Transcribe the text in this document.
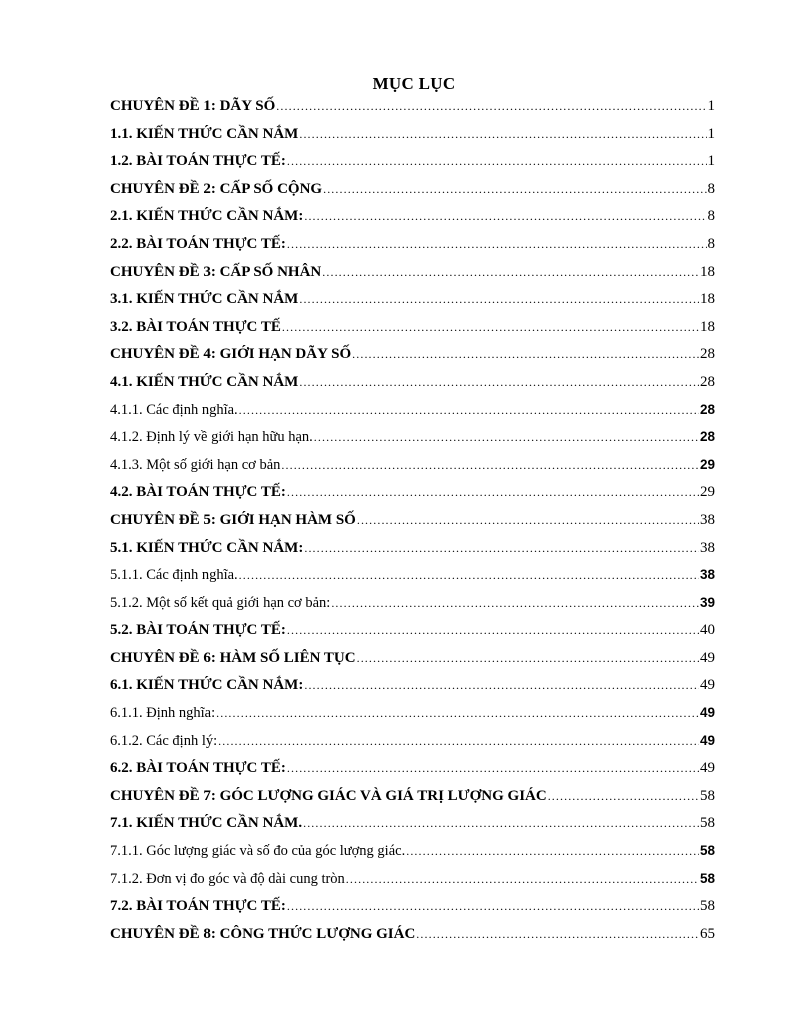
MỤC LỤC
CHUYÊN ĐỀ 1: DÃY SỐ .....	1
1.1. KIẾN THỨC CẦN NẮM .....	1
1.2. BÀI TOÁN THỰC TẾ: .....	1
CHUYÊN ĐỀ 2: CẤP SỐ CỘNG .....	8
2.1. KIẾN THỨC CẦN NẮM: .....	8
2.2. BÀI TOÁN THỰC TẾ: .....	8
CHUYÊN ĐỀ 3: CẤP SỐ NHÂN .....	18
3.1. KIẾN THỨC CẦN NẮM .....	18
3.2. BÀI TOÁN THỰC TẾ .....	18
CHUYÊN ĐỀ 4: GIỚI HẠN DÃY SỐ .....	28
4.1. KIẾN THỨC CẦN NẮM .....	28
4.1.1. Các định nghĩa. .....	28
4.1.2. Định lý về giới hạn hữu hạn. .....	28
4.1.3. Một số giới hạn cơ bản .....	29
4.2. BÀI TOÁN THỰC TẾ: .....	29
CHUYÊN ĐỀ 5: GIỚI HẠN HÀM SỐ .....	38
5.1. KIẾN THỨC CẦN NẮM: .....	38
5.1.1. Các định nghĩa. .....	38
5.1.2. Một số kết quả giới hạn cơ bản: .....	39
5.2. BÀI TOÁN THỰC TẾ: .....	40
CHUYÊN ĐỀ 6: HÀM SỐ LIÊN TỤC .....	49
6.1. KIẾN THỨC CẦN NẮM: .....	49
6.1.1. Định nghĩa: .....	49
6.1.2. Các định lý: .....	49
6.2. BÀI TOÁN THỰC TẾ: .....	49
CHUYÊN ĐỀ 7: GÓC LƯỢNG GIÁC VÀ GIÁ TRỊ LƯỢNG GIÁC .....	58
7.1. KIẾN THỨC CẦN NẮM. .....	58
7.1.1. Góc lượng giác và số đo của góc lượng giác. .....	58
7.1.2. Đơn vị đo góc và độ dài cung tròn .....	58
7.2. BÀI TOÁN THỰC TẾ: .....	58
CHUYÊN ĐỀ 8: CÔNG THỨC LƯỢNG GIÁC .....	65
